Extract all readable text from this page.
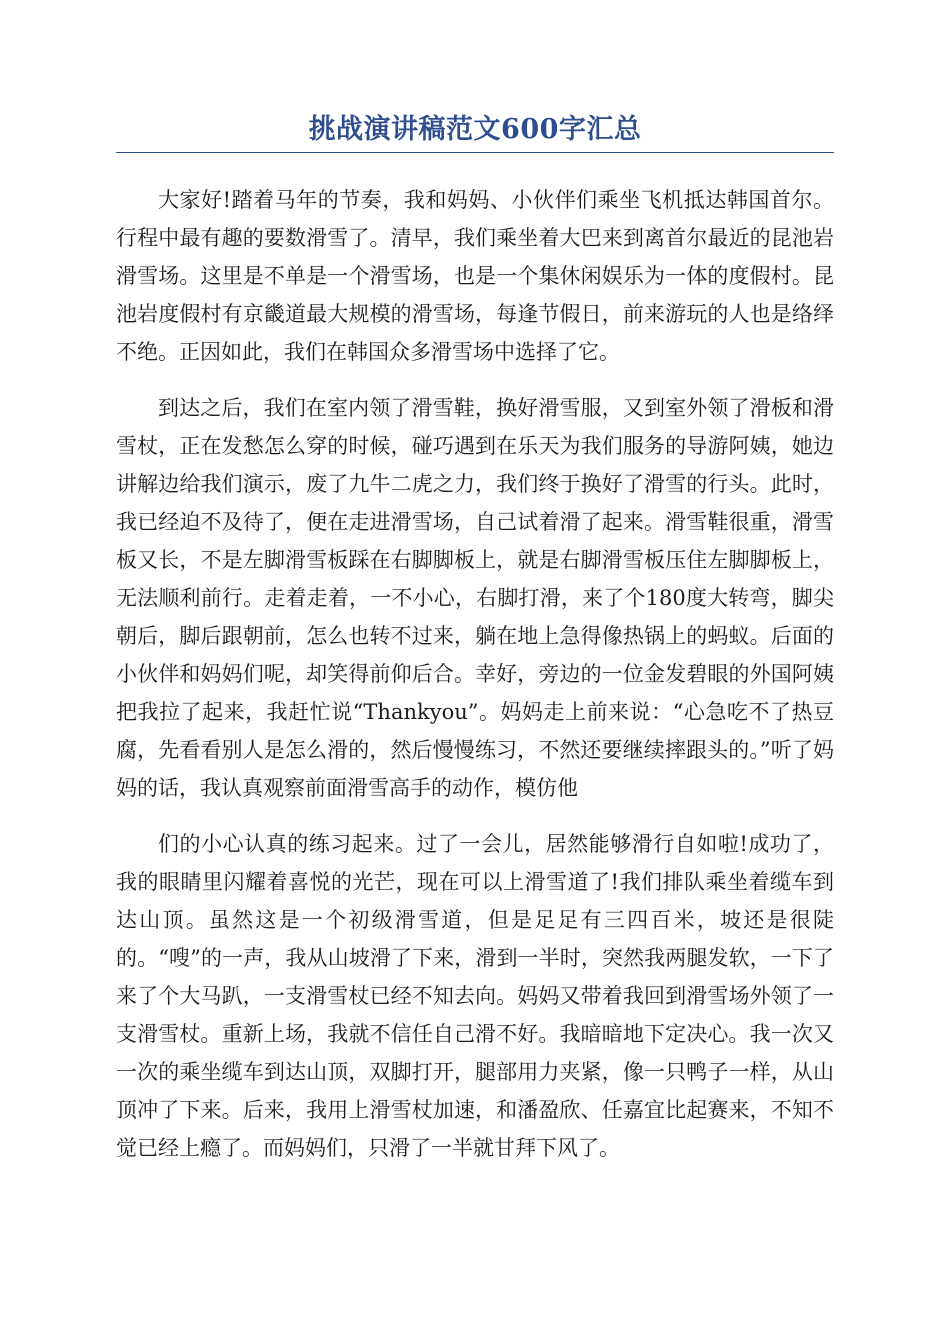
挑战演讲稿范文600字汇总

大家好!踏着马年的节奏，我和妈妈、小伙伴们乘坐飞机抵达韩国首尔。行程中最有趣的要数滑雪了。清早，我们乘坐着大巴来到离首尔最近的昆池岩滑雪场。这里是不单是一个滑雪场，也是一个集休闲娱乐为一体的度假村。昆池岩度假村有京畿道最大规模的滑雪场，每逢节假日，前来游玩的人也是络绎不绝。正因如此，我们在韩国众多滑雪场中选择了它。

到达之后，我们在室内领了滑雪鞋，换好滑雪服，又到室外领了滑板和滑雪杖，正在发愁怎么穿的时候，碰巧遇到在乐天为我们服务的导游阿姨，她边讲解边给我们演示，废了九牛二虎之力，我们终于换好了滑雪的行头。此时，我已经迫不及待了，便在走进滑雪场，自己试着滑了起来。滑雪鞋很重，滑雪板又长，不是左脚滑雪板踩在右脚脚板上，就是右脚滑雪板压住左脚脚板上，无法顺利前行。走着走着，一不小心，右脚打滑，来了个180度大转弯，脚尖朝后，脚后跟朝前，怎么也转不过来，躺在地上急得像热锅上的蚂蚁。后面的小伙伴和妈妈们呢，却笑得前仰后合。幸好，旁边的一位金发碧眼的外国阿姨把我拉了起来，我赶忙说“Thankyou”。妈妈走上前来说：“心急吃不了热豆腐，先看看别人是怎么滑的，然后慢慢练习，不然还要继续摔跟头的。”听了妈妈的话，我认真观察前面滑雪高手的动作，模仿他

们的小心认真的练习起来。过了一会儿，居然能够滑行自如啦!成功了，我的眼睛里闪耀着喜悦的光芒，现在可以上滑雪道了!我们排队乘坐着缆车到达山顶。虽然这是一个初级滑雪道，但是足足有三四百米，坡还是很陡的。“嗖”的一声，我从山坡滑了下来，滑到一半时，突然我两腿发软，一下了来了个大马趴，一支滑雪杖已经不知去向。妈妈又带着我回到滑雪场外领了一支滑雪杖。重新上场，我就不信任自己滑不好。我暗暗地下定决心。我一次又一次的乘坐缆车到达山顶，双脚打开，腿部用力夹紧，像一只鸭子一样，从山顶冲了下来。后来，我用上滑雪杖加速，和潘盈欣、任嘉宜比起赛来，不知不觉已经上瘾了。而妈妈们，只滑了一半就甘拜下风了。
